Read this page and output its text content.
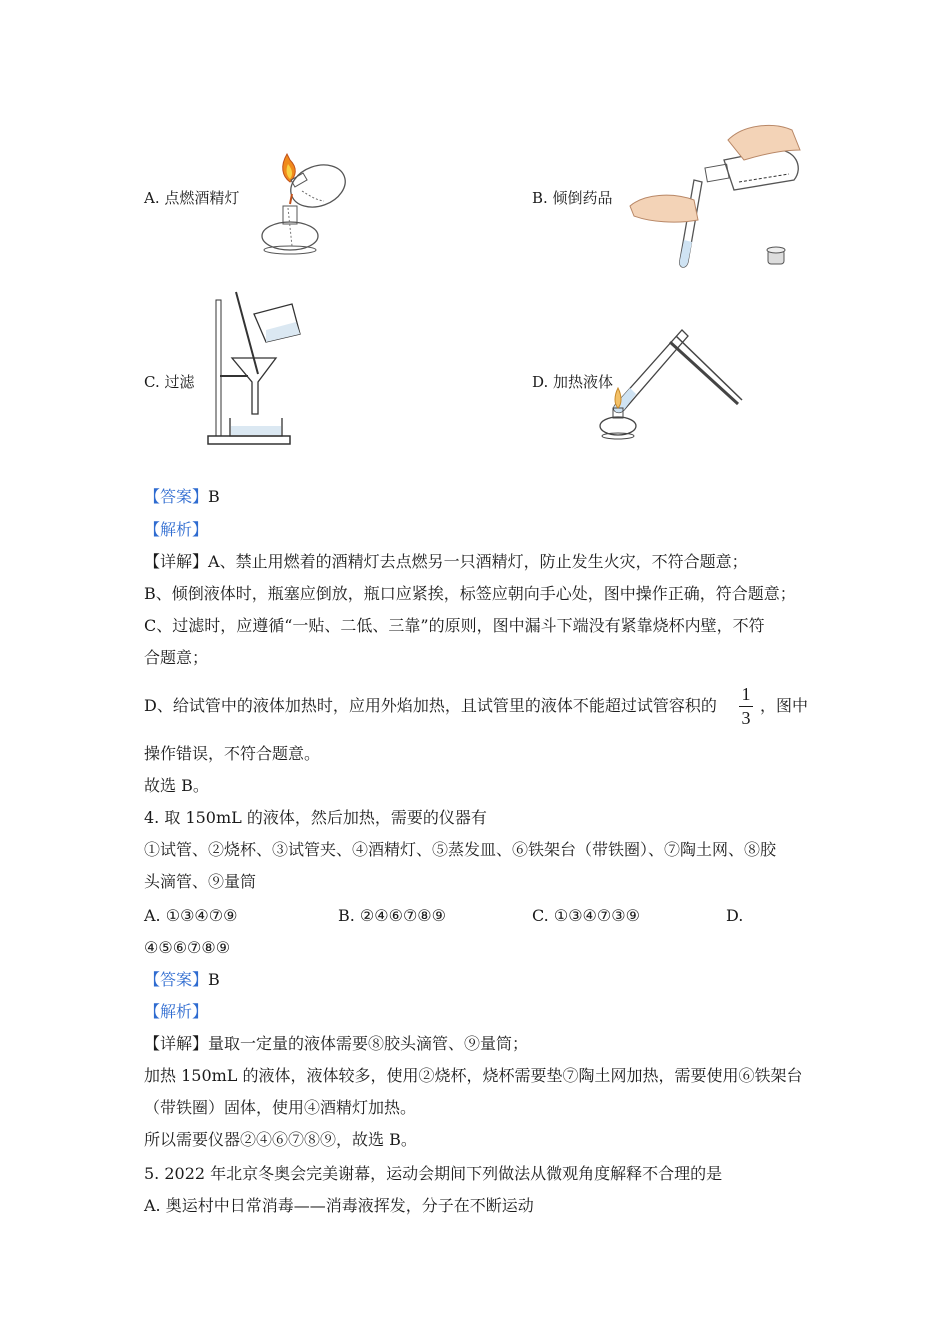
A. 点燃酒精灯	B. 倾倒药品
C. 过滤	D. 加热液体
【答案】B
【解析】
【详解】A、禁止用燃着的酒精灯去点燃另一只酒精灯，防止发生火灾，不符合题意；
B、倾倒液体时，瓶塞应倒放，瓶口应紧挨，标签应朝向手心处，图中操作正确，符合题意；
C、过滤时，应遵循“一贴、二低、三靠”的原则，图中漏斗下端没有紧靠烧杯内壁，不符
合题意；
D、给试管中的液体加热时，应用外焰加热，且试管里的液体不能超过试管容积的
1
3
，图中
操作错误，不符合题意。
故选 B。
4. 取 150mL 的液体，然后加热，需要的仪器有
①试管、②烧杯、③试管夹、④酒精灯、⑤蒸发皿、⑥铁架台（带铁圈）、⑦陶土网、⑧胶
头滴管、⑨量筒
A. ①③④⑦⑨	B. ②④⑥⑦⑧⑨	C. ①③④⑦③⑨	D.
④⑤⑥⑦⑧⑨
【答案】B
【解析】
【详解】量取一定量的液体需要⑧胶头滴管、⑨量筒；
加热 150mL 的液体，液体较多，使用②烧杯，烧杯需要垫⑦陶土网加热，需要使用⑥铁架台
（带铁圈）固体，使用④酒精灯加热。
所以需要仪器②④⑥⑦⑧⑨，故选 B。
5. 2022 年北京冬奥会完美谢幕，运动会期间下列做法从微观角度解释不合理的是
A. 奥运村中日常消毒——消毒液挥发，分子在不断运动
